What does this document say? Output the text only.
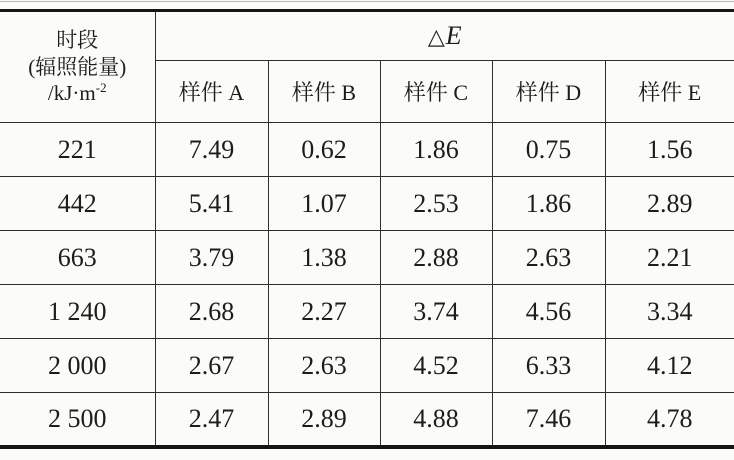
时段
(辐照能量)
$/kJ\cdot m^{-2}$	△E				
	样件 A	样件 B	样件 C	样件 D	样件 E
221	7.49	0.62	1.86	0.75	1.56
442	5.41	1.07	2.53	1.86	2.89
663	3.79	1.38	2.88	2.63	2.21
1 240	2.68	2.27	3.74	4.56	3.34
2 000	2.67	2.63	4.52	6.33	4.12
2 500	2.47	2.89	4.88	7.46	4.78
